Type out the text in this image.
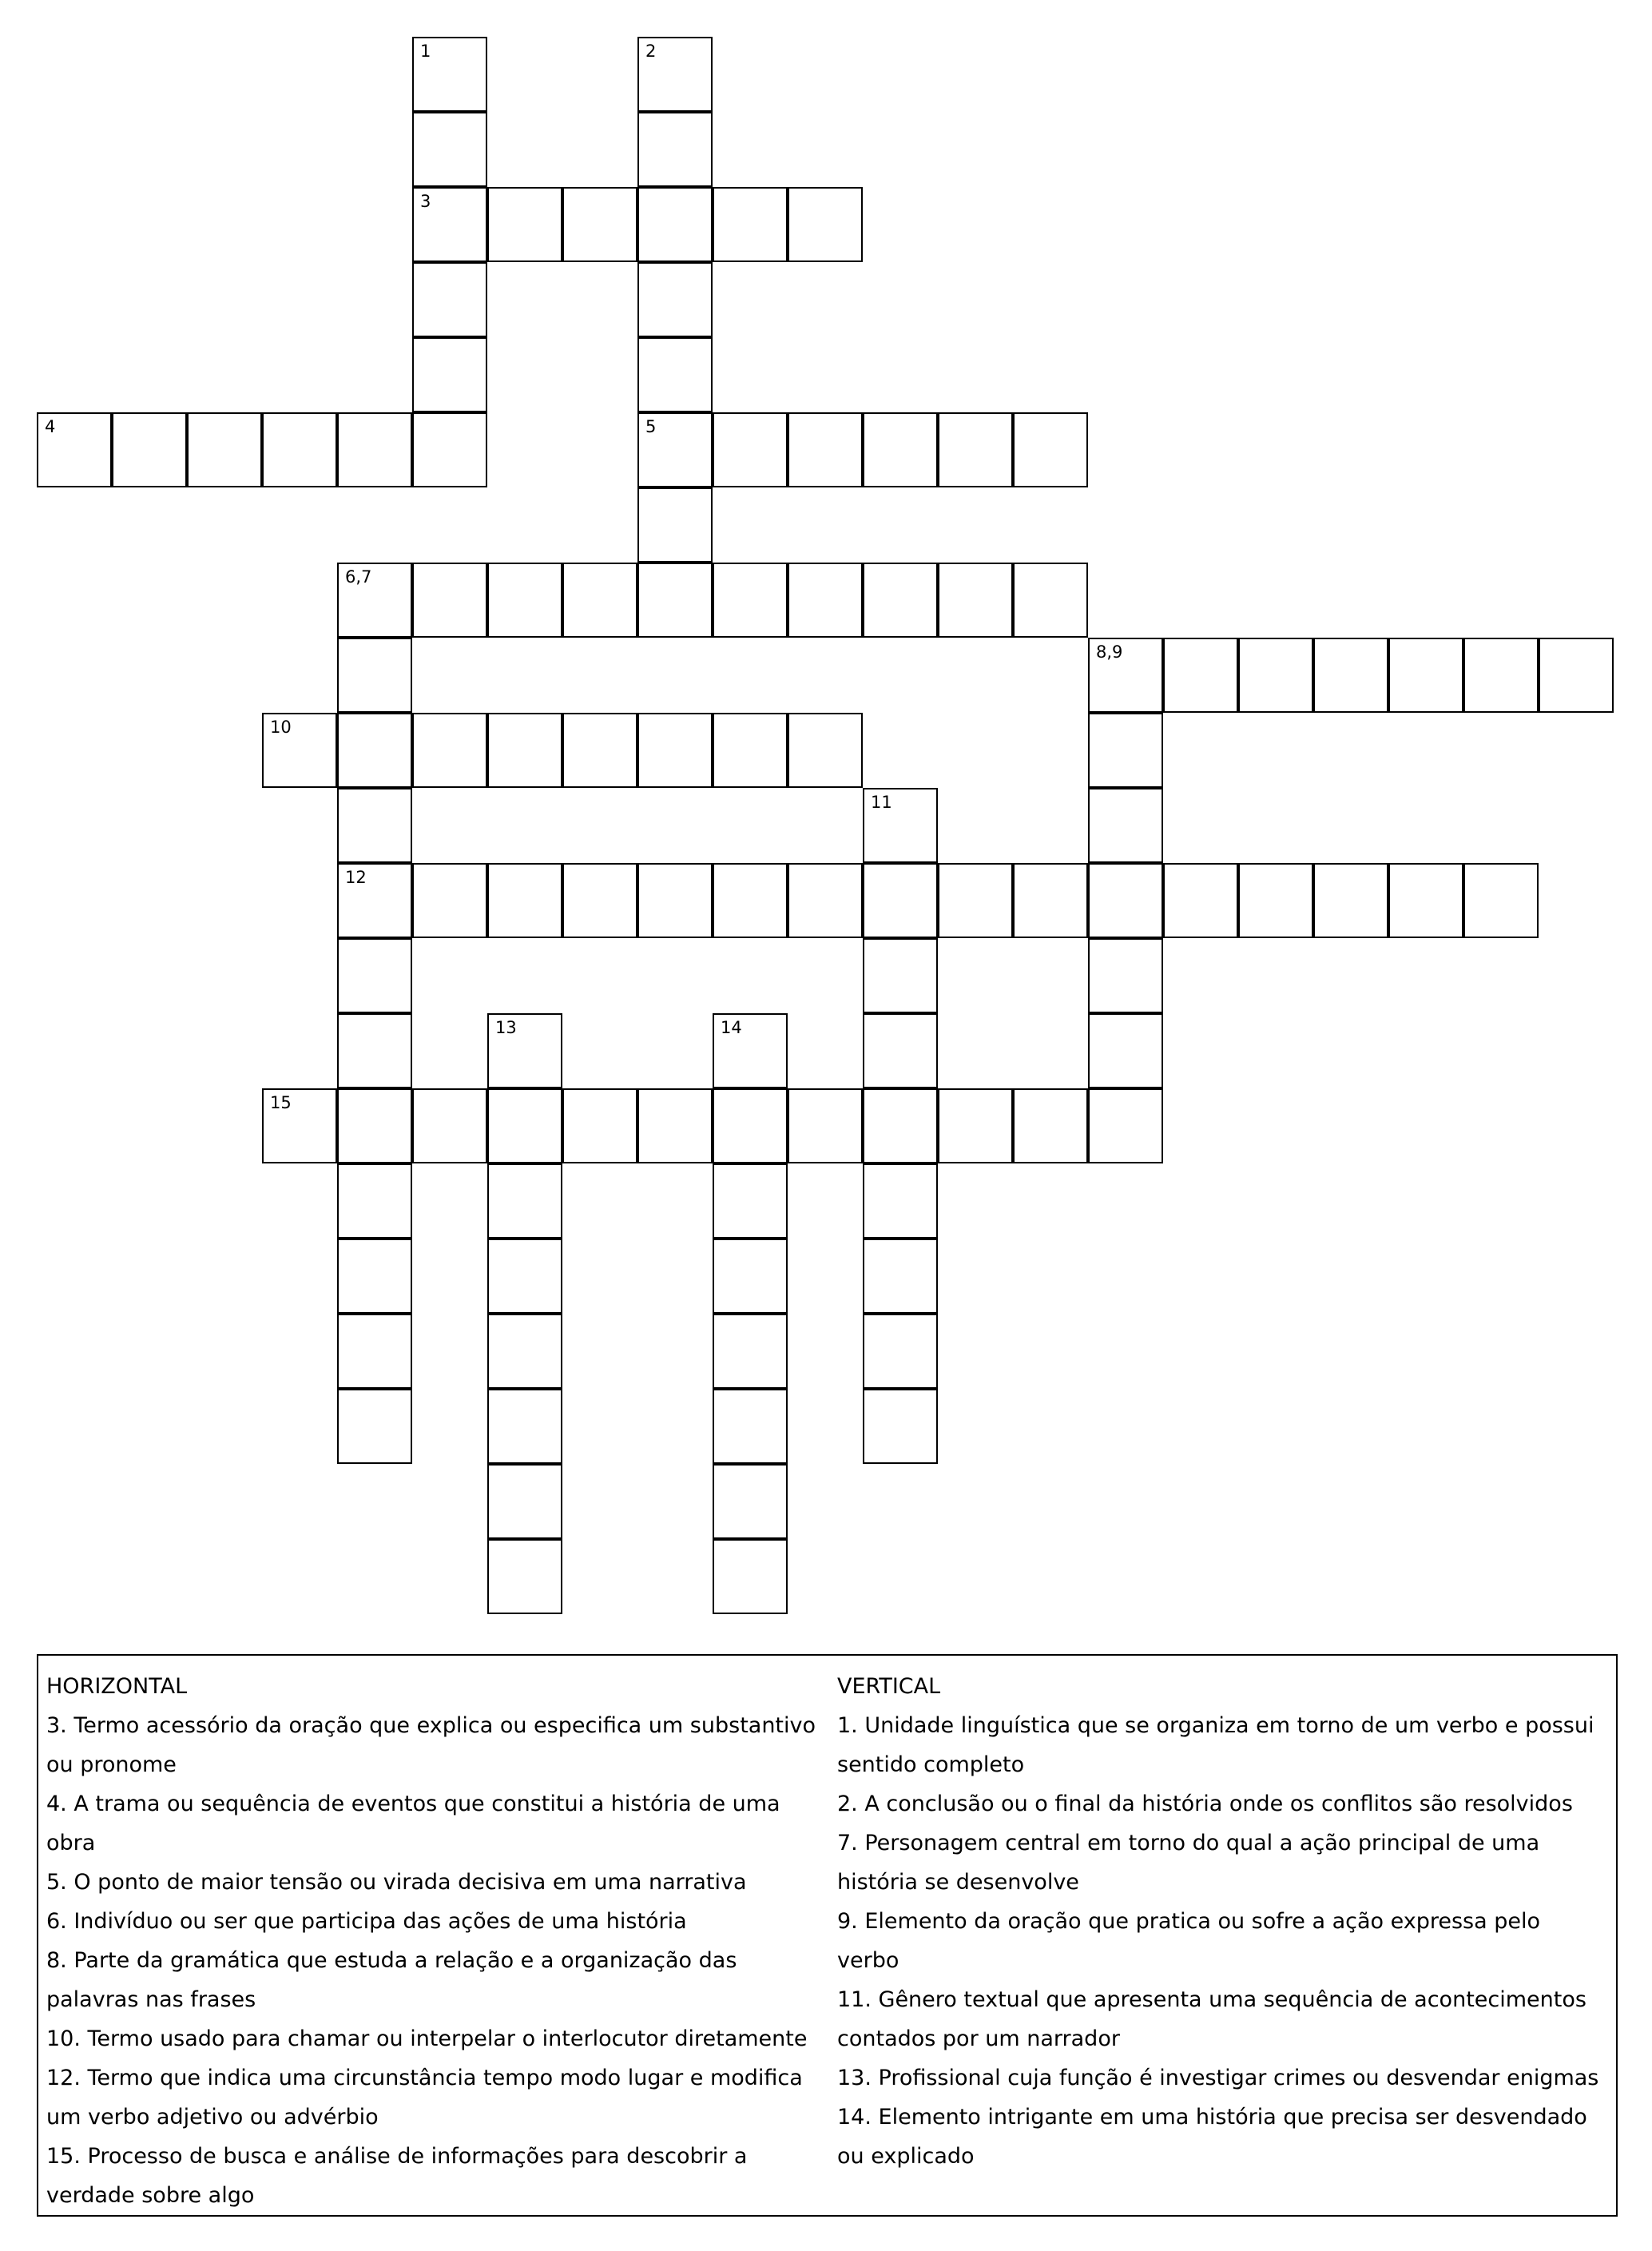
1
3
2
5
4
6,7
12
8,9
10
11
13	14
15
HORIZONTAL
3. Termo acessório da oração que explica ou especifica um substantivo ou pronome
4. A trama ou sequência de eventos que constitui a história de uma obra
5. O ponto de maior tensão ou virada decisiva em uma narrativa
6. Indivíduo ou ser que participa das ações de uma história
8. Parte da gramática que estuda a relação e a organização das palavras nas frases
10. Termo usado para chamar ou interpelar o interlocutor diretamente
12. Termo que indica uma circunstância tempo modo lugar e modifica um verbo adjetivo ou advérbio
15. Processo de busca e análise de informações para descobrir a verdade sobre algo
VERTICAL
1. Unidade linguística que se organiza em torno de um verbo e possui sentido completo
2. A conclusão ou o final da história onde os conflitos são resolvidos
7. Personagem central em torno do qual a ação principal de uma história se desenvolve
9. Elemento da oração que pratica ou sofre a ação expressa pelo verbo
11. Gênero textual que apresenta uma sequência de acontecimentos contados por um narrador
13. Profissional cuja função é investigar crimes ou desvendar enigmas
14. Elemento intrigante em uma história que precisa ser desvendado ou explicado
